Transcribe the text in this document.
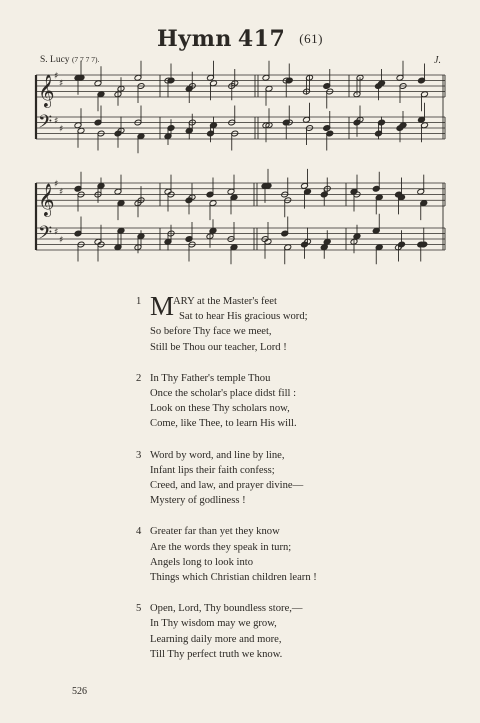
Hymn 417 (61)
S. Lucy (7 7 7 7).	J.
𝄞
𝄢
♯
♯
♯
♯
𝄞
𝄢
♯
♯
♯
♯
1 M
ARY at the Master's feet
Sat to hear His gracious word;
So before Thy face we meet,
Still be Thou our teacher, Lord !
2 In Thy Father's temple Thou
Once the scholar's place didst fill :
Look on these Thy scholars now,
Come, like Thee, to learn His will.
3 Word by word, and line by line,
Infant lips their faith confess;
Creed, and law, and prayer divine—
Mystery of godliness !
4 Greater far than yet they know
Are the words they speak in turn;
Angels long to look into
Things which Christian children learn !
5 Open, Lord, Thy boundless store,—
In Thy wisdom may we grow,
Learning daily more and more,
Till Thy perfect truth we know.
526
